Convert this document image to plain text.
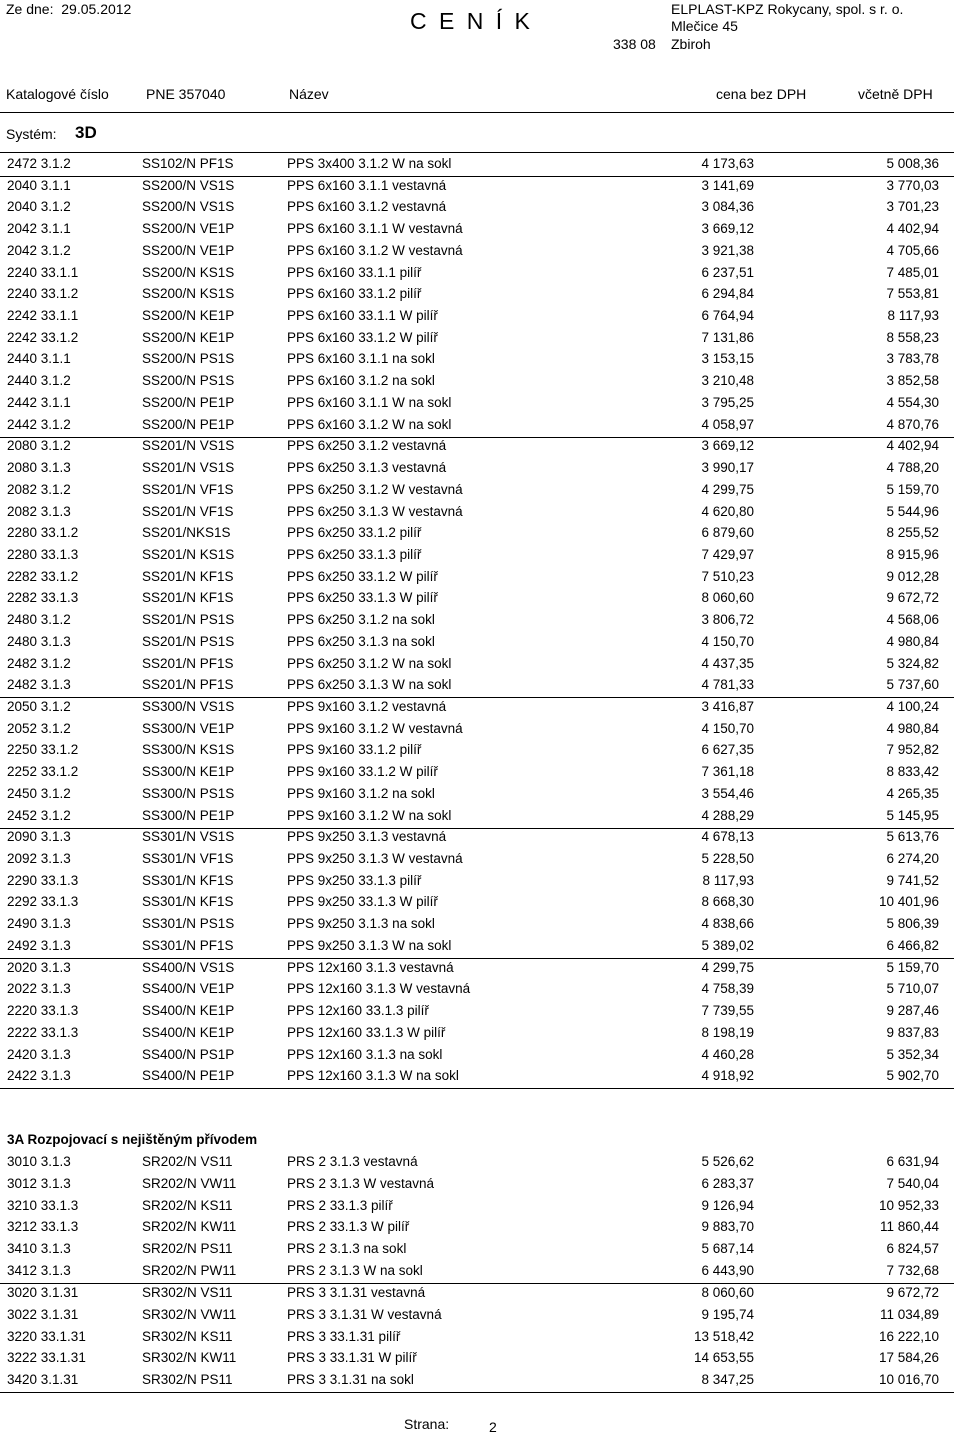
Ze dne: 29.05.2012	C E N Í K	ELPLAST-KPZ Rokycany, spol. s r. o.
Mlečice 45
338 08 Zbiroh
Katalogové číslo	PNE 357040	Název	cena bez DPH	včetně DPH
Systém: 3D
2472 3.1.2	SS102/N PF1S	PPS 3x400 3.1.2 W na sokl	4 173,63	5 008,36
2040 3.1.1	SS200/N VS1S	PPS 6x160 3.1.1 vestavná	3 141,69	3 770,03
2040 3.1.2	SS200/N VS1S	PPS 6x160 3.1.2 vestavná	3 084,36	3 701,23
2042 3.1.1	SS200/N VE1P	PPS 6x160 3.1.1 W vestavná	3 669,12	4 402,94
2042 3.1.2	SS200/N VE1P	PPS 6x160 3.1.2 W vestavná	3 921,38	4 705,66
2240 33.1.1	SS200/N KS1S	PPS 6x160 33.1.1 pilíř	6 237,51	7 485,01
2240 33.1.2	SS200/N KS1S	PPS 6x160 33.1.2 pilíř	6 294,84	7 553,81
2242 33.1.1	SS200/N KE1P	PPS 6x160 33.1.1 W pilíř	6 764,94	8 117,93
2242 33.1.2	SS200/N KE1P	PPS 6x160 33.1.2 W pilíř	7 131,86	8 558,23
2440 3.1.1	SS200/N PS1S	PPS 6x160 3.1.1 na sokl	3 153,15	3 783,78
2440 3.1.2	SS200/N PS1S	PPS 6x160 3.1.2 na sokl	3 210,48	3 852,58
2442 3.1.1	SS200/N PE1P	PPS 6x160 3.1.1 W na sokl	3 795,25	4 554,30
2442 3.1.2	SS200/N PE1P	PPS 6x160 3.1.2 W na sokl	4 058,97	4 870,76
2080 3.1.2	SS201/N VS1S	PPS 6x250 3.1.2 vestavná	3 669,12	4 402,94
2080 3.1.3	SS201/N VS1S	PPS 6x250 3.1.3 vestavná	3 990,17	4 788,20
2082 3.1.2	SS201/N VF1S	PPS 6x250 3.1.2 W vestavná	4 299,75	5 159,70
2082 3.1.3	SS201/N VF1S	PPS 6x250 3.1.3 W vestavná	4 620,80	5 544,96
2280 33.1.2	SS201/NKS1S	PPS 6x250 33.1.2 pilíř	6 879,60	8 255,52
2280 33.1.3	SS201/N KS1S	PPS 6x250 33.1.3 pilíř	7 429,97	8 915,96
2282 33.1.2	SS201/N KF1S	PPS 6x250 33.1.2 W pilíř	7 510,23	9 012,28
2282 33.1.3	SS201/N KF1S	PPS 6x250 33.1.3 W pilíř	8 060,60	9 672,72
2480 3.1.2	SS201/N PS1S	PPS 6x250 3.1.2 na sokl	3 806,72	4 568,06
2480 3.1.3	SS201/N PS1S	PPS 6x250 3.1.3 na sokl	4 150,70	4 980,84
2482 3.1.2	SS201/N PF1S	PPS 6x250 3.1.2 W na sokl	4 437,35	5 324,82
2482 3.1.3	SS201/N PF1S	PPS 6x250 3.1.3 W na sokl	4 781,33	5 737,60
2050 3.1.2	SS300/N VS1S	PPS 9x160 3.1.2 vestavná	3 416,87	4 100,24
2052 3.1.2	SS300/N VE1P	PPS 9x160 3.1.2 W vestavná	4 150,70	4 980,84
2250 33.1.2	SS300/N KS1S	PPS 9x160 33.1.2 pilíř	6 627,35	7 952,82
2252 33.1.2	SS300/N KE1P	PPS 9x160 33.1.2 W pilíř	7 361,18	8 833,42
2450 3.1.2	SS300/N PS1S	PPS 9x160 3.1.2 na sokl	3 554,46	4 265,35
2452 3.1.2	SS300/N PE1P	PPS 9x160 3.1.2 W na sokl	4 288,29	5 145,95
2090 3.1.3	SS301/N VS1S	PPS 9x250 3.1.3 vestavná	4 678,13	5 613,76
2092 3.1.3	SS301/N VF1S	PPS 9x250 3.1.3 W vestavná	5 228,50	6 274,20
2290 33.1.3	SS301/N KF1S	PPS 9x250 33.1.3 pilíř	8 117,93	9 741,52
2292 33.1.3	SS301/N KF1S	PPS 9x250 33.1.3 W pilíř	8 668,30	10 401,96
2490 3.1.3	SS301/N PS1S	PPS 9x250 3.1.3 na sokl	4 838,66	5 806,39
2492 3.1.3	SS301/N PF1S	PPS 9x250 3.1.3 W na sokl	5 389,02	6 466,82
2020 3.1.3	SS400/N VS1S	PPS 12x160 3.1.3 vestavná	4 299,75	5 159,70
2022 3.1.3	SS400/N VE1P	PPS 12x160 3.1.3 W vestavná	4 758,39	5 710,07
2220 33.1.3	SS400/N KE1P	PPS 12x160 33.1.3 pilíř	7 739,55	9 287,46
2222 33.1.3	SS400/N KE1P	PPS 12x160 33.1.3 W pilíř	8 198,19	9 837,83
2420 3.1.3	SS400/N PS1P	PPS 12x160 3.1.3 na sokl	4 460,28	5 352,34
2422 3.1.3	SS400/N PE1P	PPS 12x160 3.1.3 W na sokl	4 918,92	5 902,70
3A Rozpojovací s nejištěným přívodem
3010 3.1.3	SR202/N VS11	PRS 2 3.1.3 vestavná	5 526,62	6 631,94
3012 3.1.3	SR202/N VW11	PRS 2 3.1.3 W vestavná	6 283,37	7 540,04
3210 33.1.3	SR202/N KS11	PRS 2 33.1.3 pilíř	9 126,94	10 952,33
3212 33.1.3	SR202/N KW11	PRS 2 33.1.3 W pilíř	9 883,70	11 860,44
3410 3.1.3	SR202/N PS11	PRS 2 3.1.3 na sokl	5 687,14	6 824,57
3412 3.1.3	SR202/N PW11	PRS 2 3.1.3 W na sokl	6 443,90	7 732,68
3020 3.1.31	SR302/N VS11	PRS 3 3.1.31 vestavná	8 060,60	9 672,72
3022 3.1.31	SR302/N VW11	PRS 3 3.1.31 W vestavná	9 195,74	11 034,89
3220 33.1.31	SR302/N KS11	PRS 3 33.1.31 pilíř	13 518,42	16 222,10
3222 33.1.31	SR302/N KW11	PRS 3 33.1.31 W pilíř	14 653,55	17 584,26
3420 3.1.31	SR302/N PS11	PRS 3 3.1.31 na sokl	8 347,25	10 016,70
Strana:	2
